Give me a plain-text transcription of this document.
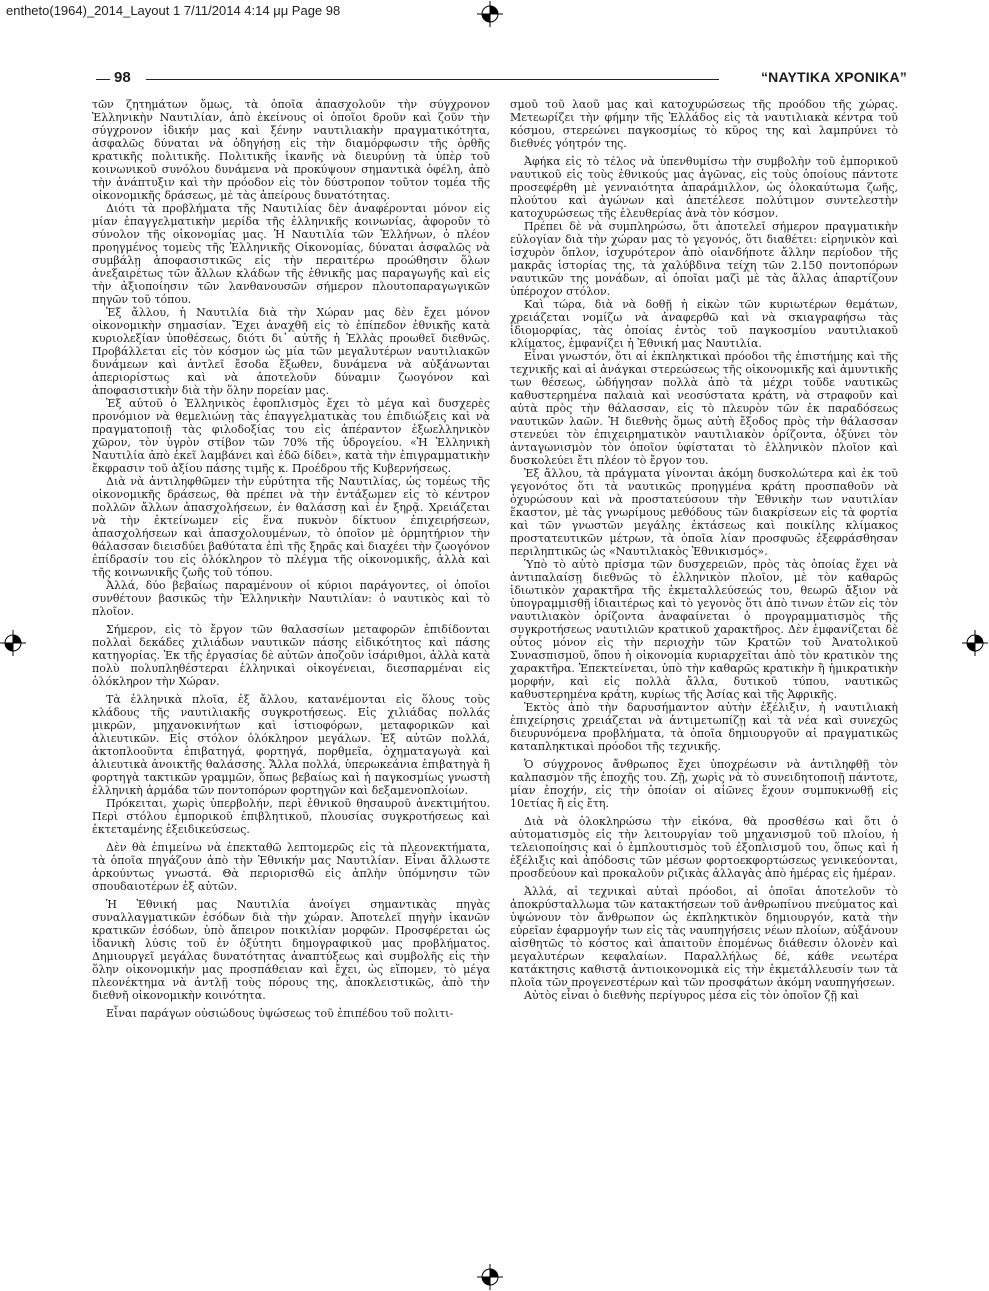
entheto(1964)_2014_Layout 1 7/11/2014 4:14 μμ Page 98
98	“ΝΑΥΤΙΚΑ ΧΡΟΝΙΚΑ”

τῶν ζητημάτων ὅμως, τὰ ὁποῖα ἀπασχολοῦν τὴν σύγχρονον Ἑλληνικὴν Ναυτιλίαν, ἀπὸ ἐκείνους οἱ ὁποῖοι δροῦν καὶ ζοῦν τὴν σύγχρονον ἰδικήν μας καὶ ξένην ναυτιλιακὴν πραγματικότητα, ἀσφαλῶς δύναται νὰ ὁδηγήσῃ εἰς τὴν διαμόρφωσιν τῆς ὀρθῆς κρατικῆς πολιτικῆς. Πολιτικῆς ἱκανῆς νὰ διευρύνῃ τὰ ὑπὲρ τοῦ κοινωνικοῦ συνόλου δυνάμενα νὰ προκύψουν σημαντικὰ ὀφέλη, ἀπὸ τὴν ἀνάπτυξιν καὶ τὴν πρόοδον εἰς τὸν δύστροπον τοῦτον τομέα τῆς οἰκονομικῆς δράσεως, μὲ τὰς ἀπείρους δυνατότητας.

Διότι τὰ προβλήματα τῆς Ναυτιλίας δὲν ἀναφέρονται μόνον εἰς μίαν ἐπαγγελματικὴν μερίδα τῆς ἑλληνικῆς κοινωνίας, ἀφοροῦν τὸ σύνολον τῆς οἰκονομίας μας. Ἡ Ναυτιλία τῶν Ἑλλήνων, ὁ πλέον προηγμένος τομεὺς τῆς Ἑλληνικῆς Οἰκονομίας, δύναται ἀσφαλῶς νὰ συμβάλῃ ἀποφασιστικῶς εἰς τὴν περαιτέρω προώθησιν ὅλων ἀνεξαιρέτως τῶν ἄλλων κλάδων τῆς ἐθνικῆς μας παραγωγῆς καὶ εἰς τὴν ἀξιοποίησιν τῶν λανθανουσῶν σήμερον πλουτοπαραγωγικῶν πηγῶν τοῦ τόπου.

Ἐξ ἄλλου, ἡ Ναυτιλία διὰ τὴν Χώραν μας δὲν ἔχει μόνον οἰκονομικὴν σημασίαν. Ἔχει ἀναχθῆ εἰς τὸ ἐπίπεδον ἐθνικῆς κατὰ κυριολεξίαν ὑποθέσεως, διότι δι᾽ αὐτῆς ἡ Ἑλλὰς προωθεῖ διεθνῶς. Προβάλλεται εἰς τὸν κόσμον ὡς μία τῶν μεγαλυτέρων ναυτιλιακῶν δυνάμεων καὶ ἀντλεῖ ἔσοδα ἔξωθεν, δυνάμενα νὰ αὐξάνωνται ἀπεριορίστως καὶ νὰ ἀποτελοῦν δύναμιν ζωογόνον καὶ ἀποφασιστικὴν διὰ τὴν ὅλην πορείαν μας.

Ἐξ αὐτοῦ ὁ Ἑλληνικὸς ἐφοπλισμὸς ἔχει τὸ μέγα καὶ δυσχερὲς προνόμιον νὰ θεμελιώνῃ τὰς ἐπαγγελματικὰς του ἐπιδιώξεις καὶ νὰ πραγματοποιῇ τὰς φιλοδοξίας του εἰς ἀπέραντον ἐξωελληνικὸν χῶρον, τὸν ὑγρὸν στίβον τῶν 70% τῆς ὑδρογείου. «Ἡ Ἑλληνικὴ Ναυτιλία ἀπὸ ἐκεῖ λαμβάνει καὶ ἐδῶ δίδει», κατὰ τὴν ἐπιγραμματικὴν ἔκφρασιν τοῦ ἀξίου πάσης τιμῆς κ. Προέδρου τῆς Κυβερνήσεως.

Διὰ νὰ ἀντιληφθῶμεν τὴν εὐρύτητα τῆς Ναυτιλίας, ὡς τομέως τῆς οἰκονομικῆς δράσεως, θὰ πρέπει νὰ τὴν ἐντάξωμεν εἰς τὸ κέντρον πολλῶν ἄλλων ἀπασχολήσεων, ἐν θαλάσσῃ καὶ ἐν ξηρᾷ. Χρειάζεται νὰ τὴν ἐκτείνωμεν εἰς ἕνα πυκνὸν δίκτυον ἐπιχειρήσεων, ἀπασχολήσεων καὶ ἀπασχολουμένων, τὸ ὁποῖον μὲ ὁρμητήριον τὴν θάλασσαν διεισδύει βαθύτατα ἐπὶ τῆς ξηρᾶς καὶ διαχέει τὴν ζωογόνον ἐπίδρασίν του εἰς ὁλόκληρον τὸ πλέγμα τῆς οἰκονομικῆς, ἀλλὰ καὶ τῆς κοινωνικῆς ζωῆς τοῦ τόπου.

Ἀλλά, δύο βεβαίως παραμένουν οἱ κύριοι παράγοντες, οἱ ὁποῖοι συνθέτουν βασικῶς τὴν Ἑλληνικὴν Ναυτιλίαν: ὁ ναυτικὸς καὶ τὸ πλοῖον.

Σήμερον, εἰς τὸ ἔργον τῶν θαλασσίων μεταφορῶν ἐπιδίδονται πολλαὶ δεκάδες χιλιάδων ναυτικῶν πάσης εἰδικότητος καὶ πάσης κατηγορίας. Ἐκ τῆς ἐργασίας δὲ αὐτῶν ἀποζοῦν ἰσάριθμοι, ἀλλὰ κατὰ πολὺ πολυπληθέστεραι ἑλληνικαὶ οἰκογένειαι, διεσπαρμέναι εἰς ὁλόκληρον τὴν Χώραν.

Τὰ ἑλληνικὰ πλοῖα, ἐξ ἄλλου, κατανέμονται εἰς ὅλους τοὺς κλάδους τῆς ναυτιλιακῆς συγκροτήσεως. Εἰς χιλιάδας πολλάς μικρῶν, μηχανοκινήτων καὶ ἱστιοφόρων, μεταφορικῶν καὶ ἁλιευτικῶν. Εἰς στόλον ὁλόκληρον μεγάλων. Ἐξ αὐτῶν πολλά, ἀκτοπλοοῦντα ἐπιβατηγά, φορτηγά, πορθμεῖα, ὀχηματαγωγὰ καὶ ἁλιευτικὰ ἀνοικτῆς θαλάσσης. Ἄλλα πολλά, ὑπερωκεάνια ἐπιβατηγὰ ἢ φορτηγὰ τακτικῶν γραμμῶν, ὅπως βεβαίως καὶ ἡ παγκοσμίως γνωστὴ ἑλληνικὴ ἀρμάδα τῶν ποντοπόρων φορτηγῶν καὶ δεξαμενοπλοίων.

Πρόκειται, χωρὶς ὑπερβολήν, περὶ ἐθνικοῦ θησαυροῦ ἀνεκτιμήτου. Περὶ στόλου ἐμπορικοῦ ἐπιβλητικοῦ, πλουσίας συγκροτήσεως καὶ ἐκτεταμένης ἐξειδικεύσεως.

Δὲν θὰ ἐπιμείνω νὰ ἐπεκταθῶ λεπτομερῶς εἰς τὰ πλεονεκτήματα, τὰ ὁποῖα πηγάζουν ἀπὸ τὴν Ἐθνικήν μας Ναυτιλίαν. Εἶναι ἄλλωστε ἀρκούντως γνωστά. Θὰ περιορισθῶ εἰς ἁπλὴν ὑπόμνησιν τῶν σπουδαιοτέρων ἐξ αὐτῶν.

Ἡ Ἐθνική μας Ναυτιλία ἀνοίγει σημαντικὰς πηγὰς συναλλαγματικῶν ἐσόδων διὰ τὴν χώραν. Ἀποτελεῖ πηγὴν ἱκανῶν κρατικῶν ἐσόδων, ὑπὸ ἄπειρον ποικιλίαν μορφῶν. Προσφέρεται ὡς ἰδανικὴ λύσις τοῦ ἐν ὀξύτητι δημογραφικοῦ μας προβλήματος. Δημιουργεῖ μεγάλας δυνατότητας ἀναπτύξεως καὶ συμβολῆς εἰς τὴν ὅλην οἰκονομικήν μας προσπάθειαν καὶ ἔχει, ὡς εἴπομεν, τὸ μέγα πλεονέκτημα νὰ ἀντλῇ τοὺς πόρους της, ἀποκλειστικῶς, ἀπὸ τὴν διεθνῆ οἰκονομικὴν κοινότητα.

Εἶναι παράγων οὐσιώδους ὑψώσεως τοῦ ἐπιπέδου τοῦ πολιτι-

σμοῦ τοῦ λαοῦ μας καὶ κατοχυρώσεως τῆς προόδου τῆς χώρας. Μετεωρίζει τὴν φήμην τῆς Ἑλλάδος εἰς τὰ ναυτιλιακὰ κέντρα τοῦ κόσμου, στερεώνει παγκοσμίως τὸ κῦρος της καὶ λαμπρύνει τὸ διεθνές γόητρόν της.

Ἀφήκα εἰς τὸ τέλος νὰ ὑπενθυμίσω τὴν συμβολὴν τοῦ ἐμπορικοῦ ναυτικοῦ εἰς τοὺς ἐθνικούς μας ἀγῶνας, εἰς τοὺς ὁποίους πάντοτε προσεφέρθη μὲ γενναιότητα ἀπαράμιλλον, ὡς ὁλοκαύτωμα ζωῆς, πλούτου καὶ ἀγώνων καὶ ἀπετέλεσε πολύτιμον συντελεστὴν κατοχυρώσεως τῆς ἐλευθερίας ἀνὰ τὸν κόσμον.

Πρέπει δὲ νὰ συμπληρώσω, ὅτι ἀποτελεῖ σήμερον πραγματικὴν εὐλογίαν διὰ τὴν χώραν μας τὸ γεγονός, ὅτι διαθέτει: εἰρηνικὸν καὶ ἰσχυρὸν ὅπλον, ἰσχυρότερον ἀπὸ οἱανδήποτε ἄλλην περίοδον τῆς μακρᾶς ἱστορίας της, τὰ χαλύβδινα τείχη τῶν 2.150 ποντοπόρων ναυτικῶν της μονάδων, αἱ ὁποῖαι μαζὶ μὲ τὰς ἄλλας ἀπαρτίζουν ὑπέροχον στόλον.

Καὶ τώρα, διὰ νὰ δοθῇ ἡ εἰκὼν τῶν κυριωτέρων θεμάτων, χρειάζεται νομίζω νὰ ἀναφερθῶ καὶ νὰ σκιαγραφήσω τὰς ἰδιομορφίας, τὰς ὁποίας ἐντὸς τοῦ παγκοσμίου ναυτιλιακοῦ κλίματος, ἐμφανίζει ἡ Ἐθνική μας Ναυτιλία.

Εἶναι γνωστόν, ὅτι αἱ ἐκπληκτικαὶ πρόοδοι τῆς ἐπιστήμης καὶ τῆς τεχνικῆς καὶ αἱ ἀνάγκαι στερεώσεως τῆς οἰκονομικῆς καὶ ἀμυντικῆς των θέσεως, ὡδήγησαν πολλὰ ἀπὸ τὰ μέχρι τοῦδε ναυτικῶς καθυστερημένα παλαιὰ καὶ νεοσύστατα κράτη, νὰ στραφοῦν καὶ αὐτὰ πρὸς τὴν θάλασσαν, εἰς τὸ πλευρὸν τῶν ἐκ παραδόσεως ναυτικῶν λαῶν. Ἡ διεθνὴς ὅμως αὐτὴ ἔξοδος πρὸς τὴν θάλασσαν στενεύει τὸν ἐπιχειρηματικὸν ναυτιλιακὸν ὁρίζοντα, ὀξύνει τὸν ἀνταγωνισμὸν τὸν ὁποῖον ὑφίσταται τὸ ἑλληνικὸν πλοῖον καὶ δυσκολεύει ἔτι πλέον τὸ ἔργον του.

Ἐξ ἄλλου, τὰ πράγματα γίνονται ἀκόμη δυσκολώτερα καὶ ἐκ τοῦ γεγονότος ὅτι τὰ ναυτικῶς προηγμένα κράτη προσπαθοῦν νὰ ὀχυρώσουν καὶ νὰ προστατεύσουν τὴν Ἐθνικὴν των ναυτιλίαν ἕκαστον, μὲ τὰς γνωρίμους μεθόδους τῶν διακρίσεων εἰς τὰ φορτία καὶ τῶν γνωστῶν μεγάλης ἐκτάσεως καὶ ποικίλης κλίμακος προστατευτικῶν μέτρων, τὰ ὁποῖα λίαν προσφυῶς ἐξεφράσθησαν περιληπτικῶς ὡς «Ναυτιλιακὸς Ἐθνικισμός».

Ὑπὸ τὸ αὐτὸ πρίσμα τῶν δυσχερειῶν, πρὸς τὰς ὁποίας ἔχει νὰ ἀντιπαλαίσῃ διεθνῶς τὸ ἑλληνικὸν πλοῖον, μὲ τὸν καθαρῶς ἰδιωτικὸν χαρακτῆρα τῆς ἐκμεταλλεύσεώς του, θεωρῶ ἄξιον νὰ ὑπογραμμισθῇ ἰδιαιτέρως καὶ τὸ γεγονὸς ὅτι ἀπὸ τινων ἐτῶν εἰς τὸν ναυτιλιακὸν ὁρίζοντα ἀναφαίνεται ὁ προγραμματισμὸς τῆς συγκροτήσεως ναυτιλιῶν κρατικοῦ χαρακτῆρος. Δὲν ἐμφανίζεται δὲ οὗτος μόνον εἰς τὴν περιοχὴν τῶν Κρατῶν τοῦ Ἀνατολικοῦ Συνασπισμοῦ, ὅπου ἡ οἰκονομία κυριαρχεῖται ἀπὸ τὸν κρατικὸν της χαρακτῆρα. Ἐπεκτείνεται, ὑπὸ τὴν καθαρῶς κρατικὴν ἢ ἡμικρατικὴν μορφήν, καὶ εἰς πολλὰ ἄλλα, δυτικοῦ τύπου, ναυτικῶς καθυστερημένα κράτη, κυρίως τῆς Ἀσίας καὶ τῆς Ἀφρικῆς.

Ἐκτὸς ἀπὸ τὴν δαρυσήμαντον αὐτὴν ἐξέλιξιν, ἡ ναυτιλιακὴ ἐπιχείρησις χρειάζεται νὰ ἀντιμετωπίζῃ καὶ τὰ νέα καὶ συνεχῶς διευρυνόμενα προβλήματα, τὰ ὁποῖα δημιουργοῦν αἱ πραγματικῶς καταπληκτικαὶ πρόοδοι τῆς τεχνικῆς.

Ὁ σύγχρονος ἄνθρωπος ἔχει ὑποχρέωσιν νὰ ἀντιληφθῇ τὸν καλπασμὸν τῆς ἐποχῆς του. Ζῇ, χωρὶς νὰ τὸ συνειδητοποιῇ πάντοτε, μίαν ἐποχήν, εἰς τὴν ὁποίαν οἱ αἰῶνες ἔχουν συμπυκνωθῇ εἰς 10ετίας ἢ εἰς ἔτη.

Διὰ νὰ ὁλοκληρώσω τὴν εἰκόνα, θὰ προσθέσω καὶ ὅτι ὁ αὐτοματισμὸς εἰς τὴν λειτουργίαν τοῦ μηχανισμοῦ τοῦ πλοίου, ἡ τελειοποίησις καὶ ὁ ἐμπλουτισμὸς τοῦ ἐξοπλισμοῦ του, ὅπως καὶ ἡ ἐξέλιξις καὶ ἀπόδοσις τῶν μέσων φορτοεκφορτώσεως γενικεύονται, προσδεύουν καὶ προκαλοῦν ριζικὰς ἀλλαγὰς ἀπὸ ἡμέρας εἰς ἡμέραν.

Ἀλλά, αἱ τεχνικαὶ αὐταὶ πρόοδοι, αἱ ὁποῖαι ἀποτελοῦν τὸ ἀποκρύσταλλωμα τῶν κατακτήσεων τοῦ ἀνθρωπίνου πνεύματος καὶ ὑψώνουν τὸν ἄνθρωπον ὡς ἐκπληκτικὸν δημιουργόν, κατὰ τὴν εὐρεῖαν ἐφαρμογήν των εἰς τὰς ναυπηγήσεις νέων πλοίων, αὐξάνουν αἰσθητῶς τὸ κόστος καὶ ἀπαιτοῦν ἐπομένως διάθεσιν ὁλονὲν καὶ μεγαλυτέρων κεφαλαίων. Παραλλήλως δέ, κάθε νεωτέρα κατάκτησις καθιστᾷ ἀντιοικονομικὰ εἰς τὴν ἐκμετάλλευσίν των τὰ πλοῖα τῶν προγενεστέρων καὶ τῶν προσφάτων ἀκόμη ναυπηγήσεων.

Αὐτὸς εἶναι ὁ διεθνὴς περίγυρος μέσα εἰς τὸν ὁποῖον ζῇ καὶ
